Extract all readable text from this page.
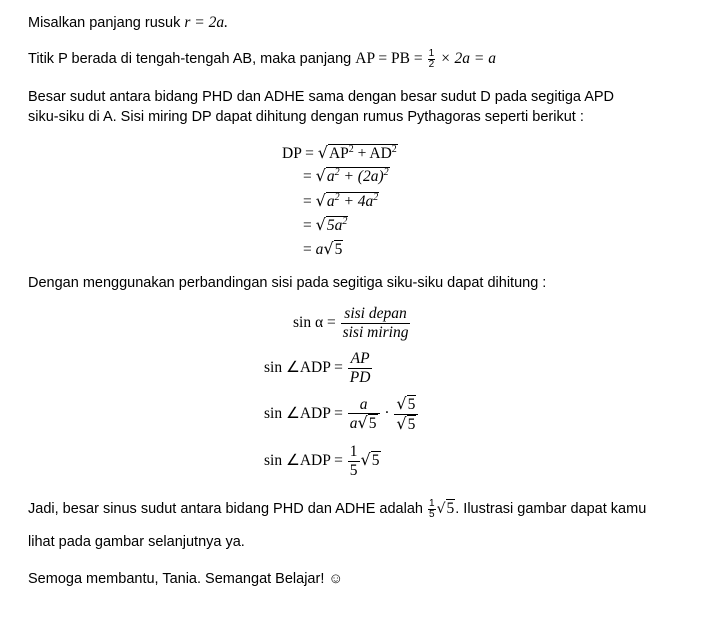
Misalkan panjang rusuk r = 2a.
Titik P berada di tengah-tengah AB, maka panjang AP = PB = $\frac{1}{2} \times 2a = a$
Besar sudut antara bidang PHD dan ADHE sama dengan besar sudut D pada segitiga APD
siku-siku di A. Sisi miring DP dapat dihitung dengan rumus Pythagoras seperti berikut :
DP = $√AP^2 + AD^2$
= $√a^2 + (2a)^2$
= $√a^2 + 4a^2$
= $√5a^2$
= a√5
Dengan menggunakan perbandingan sisi pada segitiga siku-siku dapat dihitung :
$\sin \alpha = \frac{\text{sisi depan}}{\text{sisi miring}}$
sin ∠ADP = $\frac{AP}{PD}$
sin ∠ADP = $\frac{a}{a√5} \cdot \frac{√5}{√5}$
sin ∠ADP = $\frac{1}{5} √5$
Jadi, besar sinus sudut antara bidang PHD dan ADHE adalah $\frac{1}{5} √5$. Ilustrasi gambar dapat kamu
lihat pada gambar selanjutnya ya.
Semoga membantu, Tania. Semangat Belajar! ☺
